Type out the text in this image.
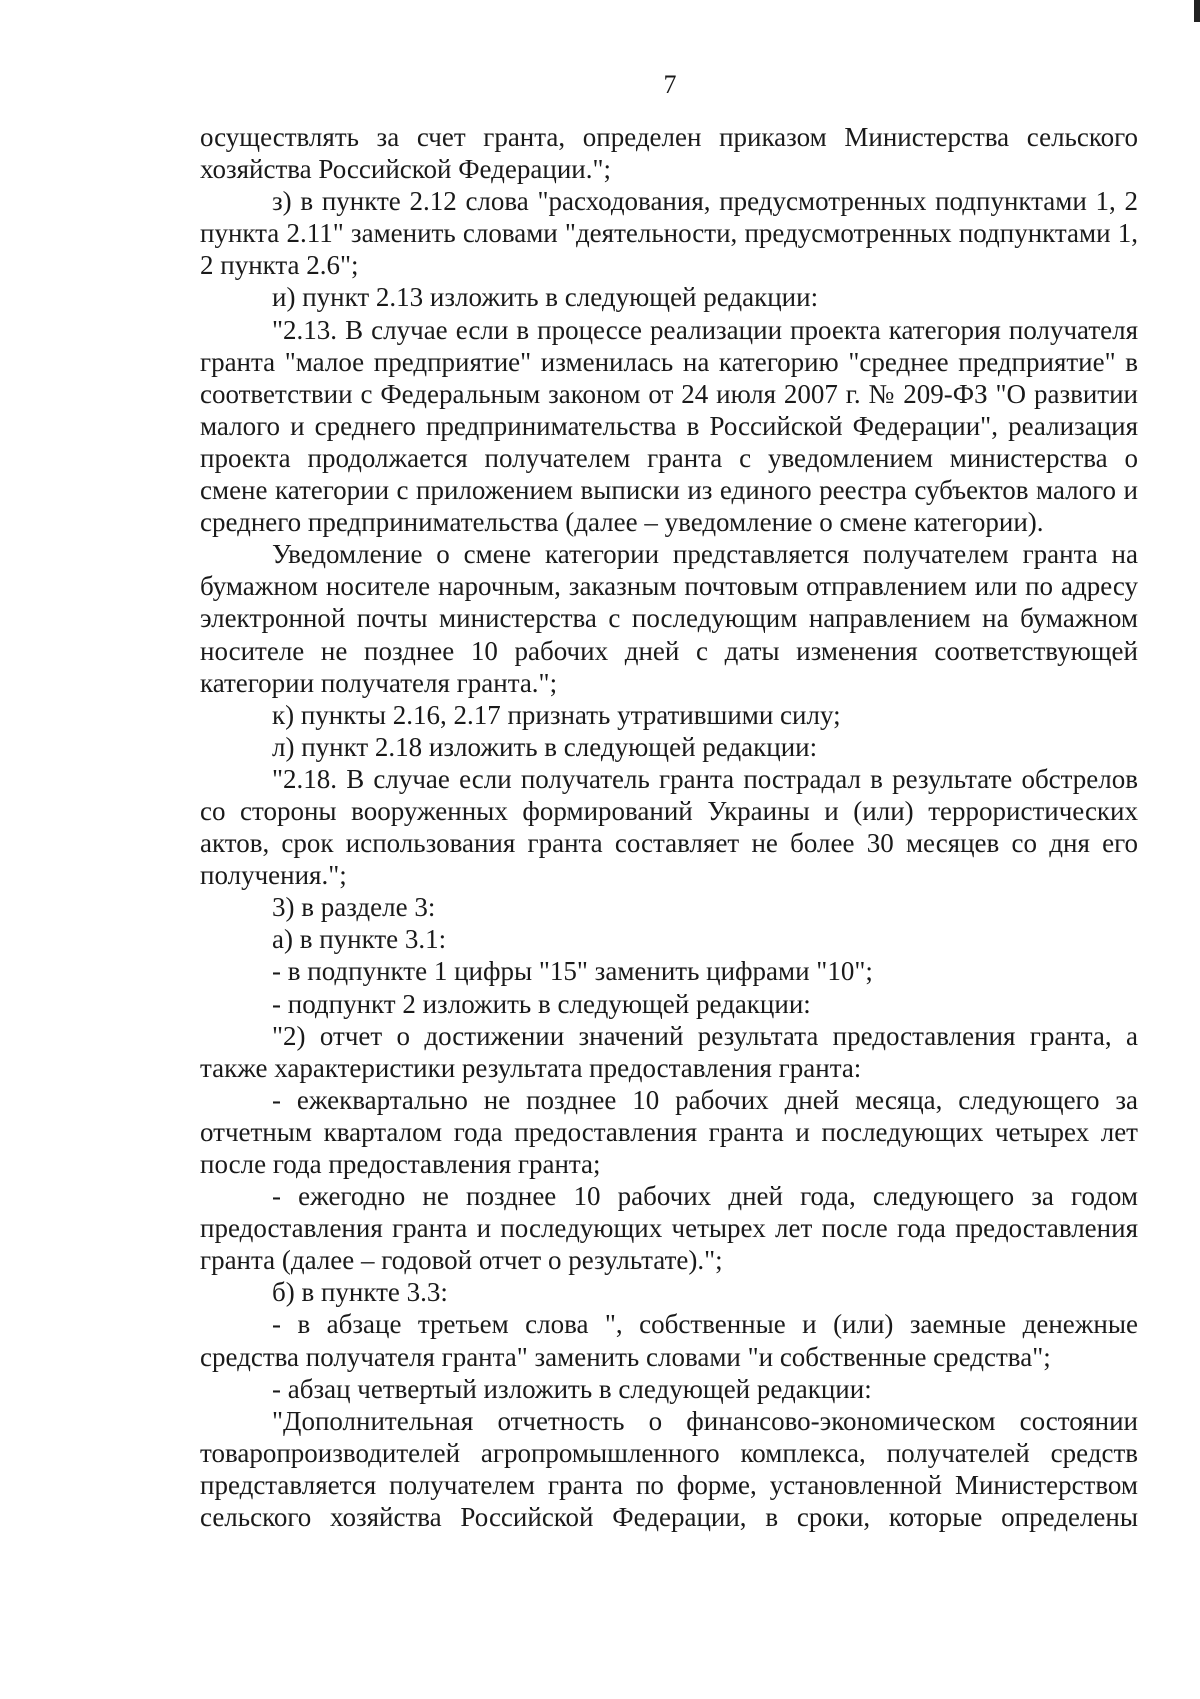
7

осуществлять за счет гранта, определен приказом Министерства сельского хозяйства Российской Федерации.";

з) в пункте 2.12 слова "расходования, предусмотренных подпунктами 1, 2 пункта 2.11" заменить словами "деятельности, предусмотренных подпунктами 1, 2 пункта 2.6";

и) пункт 2.13 изложить в следующей редакции:

"2.13. В случае если в процессе реализации проекта категория получателя гранта "малое предприятие" изменилась на категорию "среднее предприятие" в соответствии с Федеральным законом от 24 июля 2007 г. № 209-ФЗ "О развитии малого и среднего предпринимательства в Российской Федерации", реализация проекта продолжается получателем гранта с уведомлением министерства о смене категории с приложением выписки из единого реестра субъектов малого и среднего предпринимательства (далее – уведомление о смене категории).

Уведомление о смене категории представляется получателем гранта на бумажном носителе нарочным, заказным почтовым отправлением или по адресу электронной почты министерства с последующим направлением на бумажном носителе не позднее 10 рабочих дней с даты изменения соответствующей категории получателя гранта.";

к) пункты 2.16, 2.17 признать утратившими силу;

л) пункт 2.18 изложить в следующей редакции:

"2.18. В случае если получатель гранта пострадал в результате обстрелов со стороны вооруженных формирований Украины и (или) террористических актов, срок использования гранта составляет не более 30 месяцев со дня его получения.";

3) в разделе 3:

а) в пункте 3.1:

- в подпункте 1 цифры "15" заменить цифрами "10";

- подпункт 2 изложить в следующей редакции:

"2) отчет о достижении значений результата предоставления гранта, а также характеристики результата предоставления гранта:

- ежеквартально не позднее 10 рабочих дней месяца, следующего за отчетным кварталом года предоставления гранта и последующих четырех лет после года предоставления гранта;

- ежегодно не позднее 10 рабочих дней года, следующего за годом предоставления гранта и последующих четырех лет после года предоставления гранта (далее – годовой отчет о результате).";

б) в пункте 3.3:

- в абзаце третьем слова ", собственные и (или) заемные денежные средства получателя гранта" заменить словами "и собственные средства";

- абзац четвертый изложить в следующей редакции:

"Дополнительная отчетность о финансово-экономическом состоянии товаропроизводителей агропромышленного комплекса, получателей средств представляется получателем гранта по форме, установленной Министерством сельского хозяйства Российской Федерации, в сроки, которые определены
